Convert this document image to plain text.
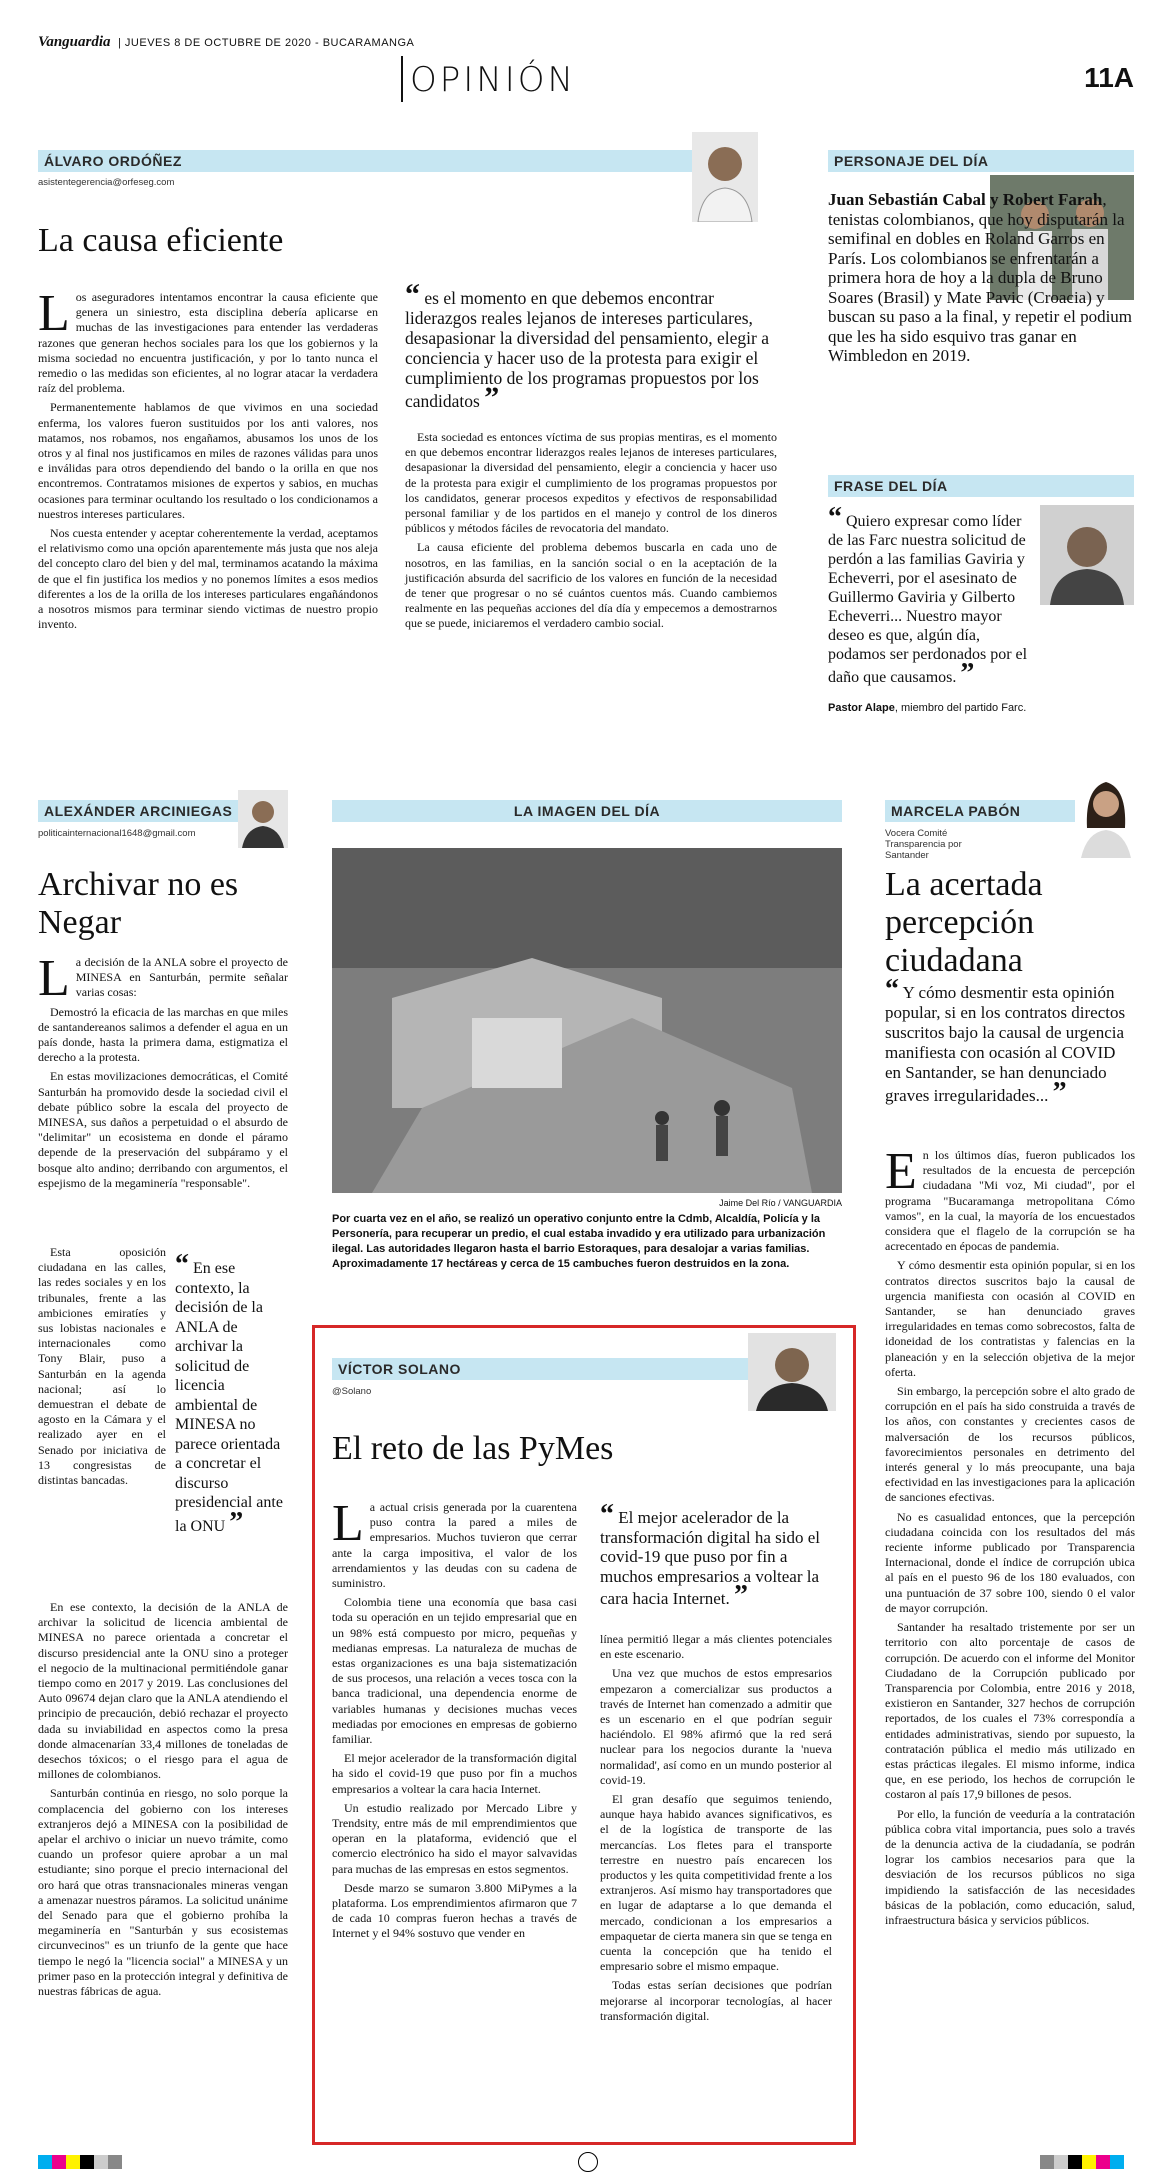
Vanguardia | JUEVES 8 DE OCTUBRE DE 2020 - BUCARAMANGA
OPINIÓN	11A
ÁLVARO ORDÓÑEZ
asistentegerencia@orfeseg.com
La causa eficiente
L os aseguradores intentamos encontrar la causa eficiente que genera un siniestro, esta disciplina debería aplicarse en muchas de las investigaciones para entender las verdaderas razones que generan hechos sociales para los que los gobiernos y la misma sociedad no encuentra justificación, y por lo tanto nunca el remedio o las medidas son eficientes, al no lograr atacar la verdadera raíz del problema.

Permanentemente hablamos de que vivimos en una sociedad enferma, los valores fueron sustituidos por los anti valores, nos matamos, nos robamos, nos engañamos, abusamos los unos de los otros y al final nos justificamos en miles de razones válidas para unos e inválidas para otros dependiendo del bando o la orilla en que nos encontremos. Contratamos misiones de expertos y sabios, en muchas ocasiones para terminar ocultando los resultado o los condicionamos a nuestros intereses particulares.

Nos cuesta entender y aceptar coherentemente la verdad, aceptamos el relativismo como una opción aparentemente más justa que nos aleja del concepto claro del bien y del mal, terminamos acatando la máxima de que el fin justifica los medios y no ponemos límites a esos medios diferentes a los de la orilla de los intereses particulares engañándonos a nosotros mismos para terminar siendo victimas de nuestro propio invento.

“ es el momento en que debemos encontrar liderazgos reales lejanos de intereses particulares, desapasionar la diversidad del pensamiento, elegir a conciencia y hacer uso de la protesta para exigir el cumplimiento de los programas propuestos por los candidatos ”

Esta sociedad es entonces víctima de sus propias mentiras, es el momento en que debemos encontrar liderazgos reales lejanos de intereses particulares, desapasionar la diversidad del pensamiento, elegir a conciencia y hacer uso de la protesta para exigir el cumplimiento de los programas propuestos por los candidatos, generar procesos expeditos y efectivos de responsabilidad personal familiar y de los partidos en el manejo y control de los dineros públicos y métodos fáciles de revocatoria del mandato.

La causa eficiente del problema debemos buscarla en cada uno de nosotros, en las familias, en la sanción social o en la aceptación de la justificación absurda del sacrificio de los valores en función de la necesidad de tener que progresar o no sé cuántos cuentos más. Cuando cambiemos realmente en las pequeñas acciones del día día y empecemos a demostrarnos que se puede, iniciaremos el verdadero cambio social.

PERSONAJE DEL DÍA
Juan Sebastián Cabal y Robert Farah, tenistas colombianos, que hoy disputarán la semifinal en dobles en Roland Garros en París. Los colombianos se enfrentarán a primera hora de hoy a la dupla de Bruno Soares (Brasil) y Mate Pavic (Croacia) y buscan su paso a la final, y repetir el podium que les ha sido esquivo tras ganar en Wimbledon en 2019.
FRASE DEL DÍA
“ Quiero expresar como líder de las Farc nuestra solicitud de perdón a las familias Gaviria y Echeverri, por el asesinato de Guillermo Gaviria y Gilberto Echeverri... Nuestro mayor deseo es que, algún día, podamos ser perdonados por el daño que causamos. ”
Pastor Alape, miembro del partido Farc.
ALEXÁNDER ARCINIEGAS
politicainternacional1648@gmail.com
Archivar no es Negar
L a decisión de la ANLA sobre el proyecto de MINESA en Santurbán, permite señalar varias cosas:

Demostró la eficacia de las marchas en que miles de santandereanos salimos a defender el agua en un país donde, hasta la primera dama, estigmatiza el derecho a la protesta.

En estas movilizaciones democráticas, el Comité Santurbán ha promovido desde la sociedad civil el debate público sobre la escala del proyecto de MINESA, sus daños a perpetuidad o el absurdo de "delimitar" un ecosistema en donde el páramo depende de la preservación del subpáramo y el bosque alto andino; derribando con argumentos, el espejismo de la megaminería "responsable".

Esta oposición ciudadana en las calles, las redes sociales y en los tribunales, frente a las ambiciones emiratíes y sus lobistas nacionales e internacionales como Tony Blair, puso a Santurbán en la agenda nacional; así lo demuestran el debate de agosto en la Cámara y el realizado ayer en el Senado por iniciativa de 13 congresistas de distintas bancadas.

“ En ese contexto, la decisión de la ANLA de archivar la solicitud de licencia ambiental de MINESA no parece orientada a concretar el discurso presidencial ante la ONU ”

En ese contexto, la decisión de la ANLA de archivar la solicitud de licencia ambiental de MINESA no parece orientada a concretar el discurso presidencial ante la ONU sino a proteger el negocio de la multinacional permitiéndole ganar tiempo como en 2017 y 2019. Las conclusiones del Auto 09674 dejan claro que la ANLA atendiendo el principio de precaución, debió rechazar el proyecto dada su inviabilidad en aspectos como la presa donde almacenarían 33,4 millones de toneladas de desechos tóxicos; o el riesgo para el agua de millones de colombianos.

Santurbán continúa en riesgo, no solo porque la complacencia del gobierno con los intereses extranjeros dejó a MINESA con la posibilidad de apelar el archivo o iniciar un nuevo trámite, como cuando un profesor quiere aprobar a un mal estudiante; sino porque el precio internacional del oro hará que otras transnacionales mineras vengan a amenazar nuestros páramos. La solicitud unánime del Senado para que el gobierno prohíba la megaminería en "Santurbán y sus ecosistemas circunvecinos" es un triunfo de la gente que hace tiempo le negó la "licencia social" a MINESA y un primer paso en la protección integral y definitiva de nuestras fábricas de agua.

LA IMAGEN DEL DÍA
Jaime Del Río / VANGUARDIA
Por cuarta vez en el año, se realizó un operativo conjunto entre la Cdmb, Alcaldía, Policía y la Personería, para recuperar un predio, el cual estaba invadido y era utilizado para urbanización ilegal. Las autoridades llegaron hasta el barrio Estoraques, para desalojar a varias familias. Aproximadamente 17 hectáreas y cerca de 15 cambuches fueron destruidos en la zona.
VÍCTOR SOLANO
@Solano
El reto de las PyMes
L a actual crisis generada por la cuarentena puso contra la pared a miles de empresarios. Muchos tuvieron que cerrar ante la carga impositiva, el valor de los arrendamientos y las deudas con su cadena de suministro.

Colombia tiene una economía que basa casi toda su operación en un tejido empresarial que en un 98% está compuesto por micro, pequeñas y medianas empresas. La naturaleza de muchas de estas organizaciones es una baja sistematización de sus procesos, una relación a veces tosca con la banca tradicional, una dependencia enorme de variables humanas y decisiones muchas veces mediadas por emociones en empresas de gobierno familiar.

El mejor acelerador de la transformación digital ha sido el covid-19 que puso por fin a muchos empresarios a voltear la cara hacia Internet.

Un estudio realizado por Mercado Libre y Trendsity, entre más de mil emprendimientos que operan en la plataforma, evidenció que el comercio electrónico ha sido el mayor salvavidas para muchas de las empresas en estos segmentos.

Desde marzo se sumaron 3.800 MiPymes a la plataforma. Los emprendimientos afirmaron que 7 de cada 10 compras fueron hechas a través de Internet y el 94% sostuvo que vender en

“ El mejor acelerador de la transformación digital ha sido el covid-19 que puso por fin a muchos empresarios a voltear la cara hacia Internet. ”

línea permitió llegar a más clientes potenciales en este escenario.

Una vez que muchos de estos empresarios empezaron a comercializar sus productos a través de Internet han comenzado a admitir que es un escenario en el que podrían seguir haciéndolo. El 98% afirmó que la red será nuclear para los negocios durante la 'nueva normalidad', así como en un mundo posterior al covid-19.

El gran desafío que seguimos teniendo, aunque haya habido avances significativos, es el de la logística de transporte de las mercancías. Los fletes para el transporte terrestre en nuestro país encarecen los productos y les quita competitividad frente a los extranjeros. Así mismo hay transportadores que en lugar de adaptarse a lo que demanda el mercado, condicionan a los empresarios a empaquetar de cierta manera sin que se tenga en cuenta la concepción que ha tenido el empresario sobre el mismo empaque.

Todas estas serían decisiones que podrían mejorarse al incorporar tecnologías, al hacer transformación digital.

MARCELA PABÓN
Vocera Comité Transparencia por Santander
La acertada percepción ciudadana
“ Y cómo desmentir esta opinión popular, si en los contratos directos suscritos bajo la causal de urgencia manifiesta con ocasión al COVID en Santander, se han denunciado graves irregularidades... ”
E n los últimos días, fueron publicados los resultados de la encuesta de percepción ciudadana "Mi voz, Mi ciudad", por el programa "Bucaramanga metropolitana Cómo vamos", en la cual, la mayoría de los encuestados considera que el flagelo de la corrupción se ha acrecentado en épocas de pandemia.

Y cómo desmentir esta opinión popular, si en los contratos directos suscritos bajo la causal de urgencia manifiesta con ocasión al COVID en Santander, se han denunciado graves irregularidades en temas como sobrecostos, falta de idoneidad de los contratistas y falencias en la planeación y en la selección objetiva de la mejor oferta.

Sin embargo, la percepción sobre el alto grado de corrupción en el país ha sido construida a través de los años, con constantes y crecientes casos de malversación de los recursos públicos, favorecimientos personales en detrimento del interés general y lo más preocupante, una baja efectividad en las investigaciones para la aplicación de sanciones efectivas.

No es casualidad entonces, que la percepción ciudadana coincida con los resultados del más reciente informe publicado por Transparencia Internacional, donde el índice de corrupción ubica al país en el puesto 96 de los 180 evaluados, con una puntuación de 37 sobre 100, siendo 0 el valor de mayor corrupción.

Santander ha resaltado tristemente por ser un territorio con alto porcentaje de casos de corrupción. De acuerdo con el informe del Monitor Ciudadano de la Corrupción publicado por Transparencia por Colombia, entre 2016 y 2018, existieron en Santander, 327 hechos de corrupción reportados, de los cuales el 73% correspondía a entidades administrativas, siendo por supuesto, la contratación pública el medio más utilizado en estas prácticas ilegales. El mismo informe, indica que, en ese periodo, los hechos de corrupción le costaron al país 17,9 billones de pesos.

Por ello, la función de veeduría a la contratación pública cobra vital importancia, pues solo a través de la denuncia activa de la ciudadanía, se podrán lograr los cambios necesarios para que la desviación de los recursos públicos no siga impidiendo la satisfacción de las necesidades básicas de la población, como educación, salud, infraestructura básica y servicios públicos.
